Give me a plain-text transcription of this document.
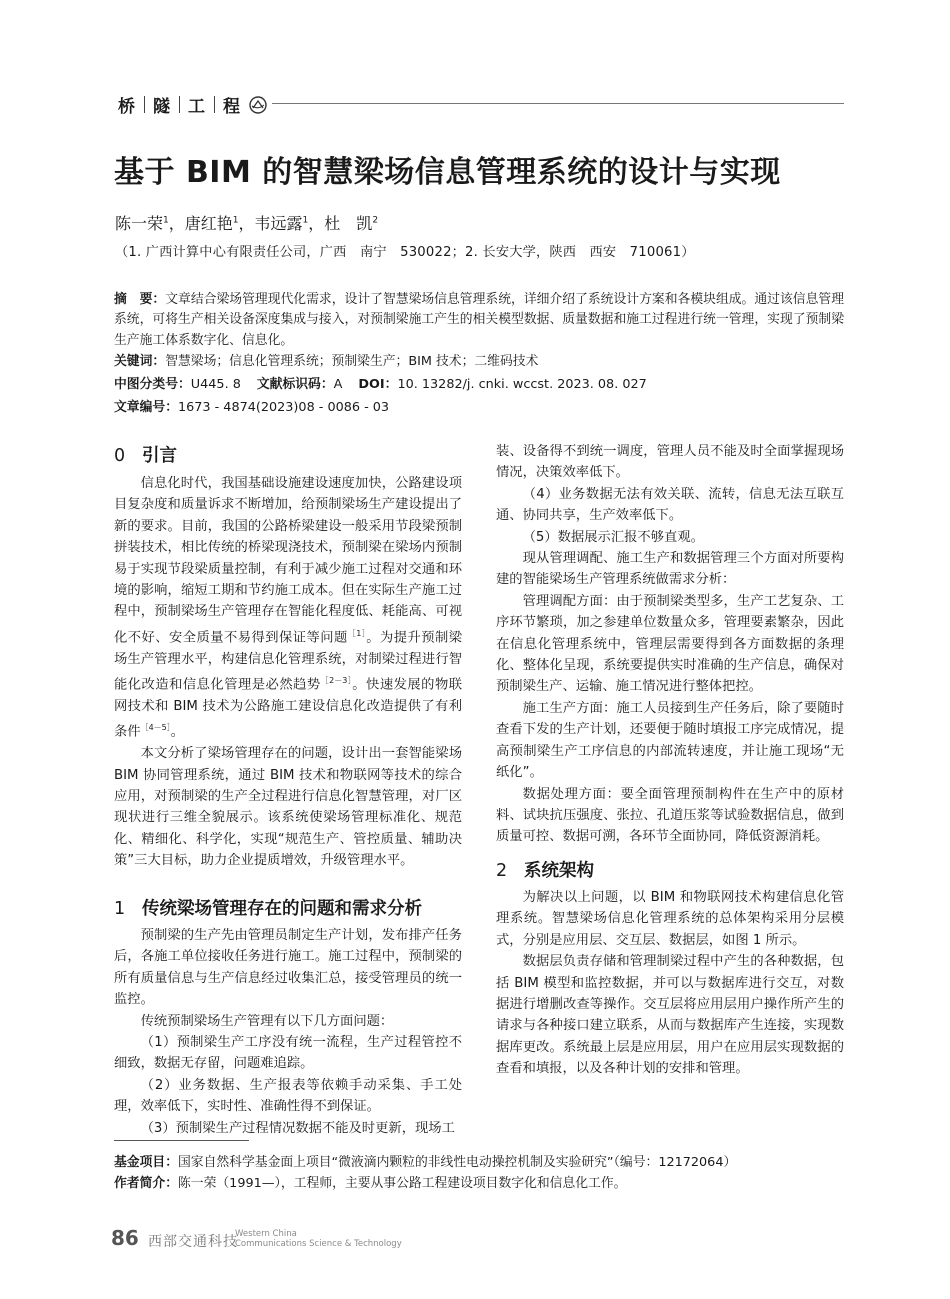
桥 隧 工 程
基于 BIM 的智慧梁场信息管理系统的设计与实现
陈一荣$^1$，唐红艳$^1$，韦远露$^1$，杜　凯$^2$
（1. 广西计算中心有限责任公司，广西　南宁　530022；2. 长安大学，陕西　西安　710061）
摘　要：文章结合梁场管理现代化需求，设计了智慧梁场信息管理系统，详细介绍了系统设计方案和各模块组成。通过该信息管理系统，可将生产相关设备深度集成与接入，对预制梁施工产生的相关模型数据、质量数据和施工过程进行统一管理，实现了预制梁生产施工体系数字化、信息化。
关键词：智慧梁场；信息化管理系统；预制梁生产；BIM 技术；二维码技术
中图分类号：U445. 8 文献标识码：A DOI：10. 13282/j. cnki. wccst. 2023. 08. 027
文章编号：1673 - 4874(2023)08 - 0086 - 03
0 引言

信息化时代，我国基础设施建设速度加快，公路建设项目复杂度和质量诉求不断增加，给预制梁场生产建设提出了新的要求。目前，我国的公路桥梁建设一般采用节段梁预制拼装技术，相比传统的桥梁现浇技术，预制梁在梁场内预制易于实现节段梁质量控制，有利于减少施工过程对交通和环境的影响，缩短工期和节约施工成本。但在实际生产施工过程中，预制梁场生产管理存在智能化程度低、耗能高、可视化不好、安全质量不易得到保证等问题$^{[1]}$。为提升预制梁场生产管理水平，构建信息化管理系统，对制梁过程进行智能化改造和信息化管理是必然趋势$^{[2-3]}$。快速发展的物联网技术和 BIM 技术为公路施工建设信息化改造提供了有利条件$^{[4-5]}$。

本文分析了梁场管理存在的问题，设计出一套智能梁场 BIM 协同管理系统，通过 BIM 技术和物联网等技术的综合应用，对预制梁的生产全过程进行信息化智慧管理，对厂区现状进行三维全貌展示。该系统使梁场管理标准化、规范化、精细化、科学化，实现“规范生产、管控质量、辅助决策”三大目标，助力企业提质增效，升级管理水平。

1 传统梁场管理存在的问题和需求分析

预制梁的生产先由管理员制定生产计划，发布排产任务后，各施工单位接收任务进行施工。施工过程中，预制梁的所有质量信息与生产信息经过收集汇总，接受管理员的统一监控。

传统预制梁场生产管理有以下几方面问题：

（1）预制梁生产工序没有统一流程，生产过程管控不细致，数据无存留，问题难追踪。

（2）业务数据、生产报表等依赖手动采集、手工处理，效率低下，实时性、准确性得不到保证。

（3）预制梁生产过程情况数据不能及时更新，现场工

装、设备得不到统一调度，管理人员不能及时全面掌握现场情况，决策效率低下。

（4）业务数据无法有效关联、流转，信息无法互联互通、协同共享，生产效率低下。

（5）数据展示汇报不够直观。

现从管理调配、施工生产和数据管理三个方面对所要构建的智能梁场生产管理系统做需求分析：

管理调配方面：由于预制梁类型多，生产工艺复杂、工序环节繁琐，加之参建单位数量众多，管理要素繁杂，因此在信息化管理系统中，管理层需要得到各方面数据的条理化、整体化呈现，系统要提供实时准确的生产信息，确保对预制梁生产、运输、施工情况进行整体把控。

施工生产方面：施工人员接到生产任务后，除了要随时查看下发的生产计划，还要便于随时填报工序完成情况，提高预制梁生产工序信息的内部流转速度，并让施工现场“无纸化”。

数据处理方面：要全面管理预制构件在生产中的原材料、试块抗压强度、张拉、孔道压浆等试验数据信息，做到质量可控、数据可溯，各环节全面协同，降低资源消耗。

2 系统架构

为解决以上问题，以 BIM 和物联网技术构建信息化管理系统。智慧梁场信息化管理系统的总体架构采用分层模式，分别是应用层、交互层、数据层，如图 1 所示。

数据层负责存储和管理制梁过程中产生的各种数据，包括 BIM 模型和监控数据，并可以与数据库进行交互，对数据进行增删改查等操作。交互层将应用层用户操作所产生的请求与各种接口建立联系，从而与数据库产生连接，实现数据库更改。系统最上层是应用层，用户在应用层实现数据的查看和填报，以及各种计划的安排和管理。

基金项目：国家自然科学基金面上项目“微液滴内颗粒的非线性电动操控机制及实验研究”（编号：12172064）
作者简介：陈一荣（1991—），工程师，主要从事公路工程建设项目数字化和信息化工作。
86 西部交通科技
Western China
Communications Science & Technology
